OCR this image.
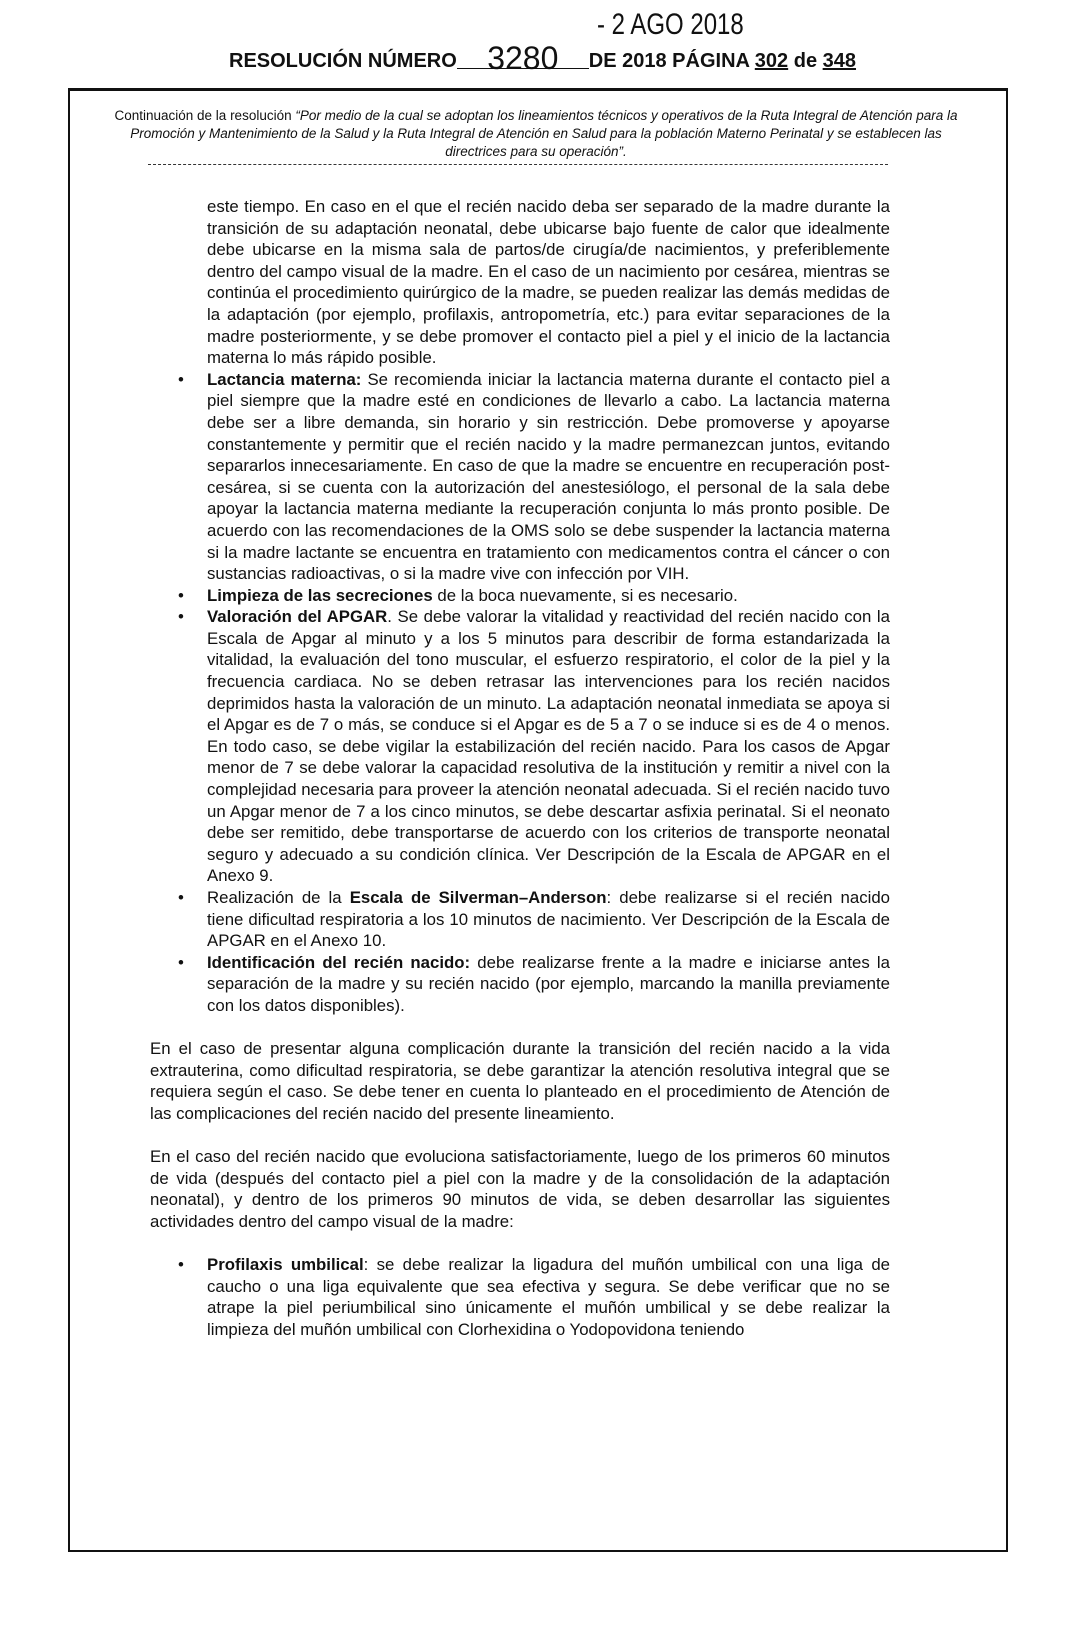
- 2 AGO 2018
RESOLUCIÓN NÚMERO 3280 DE 2018 PÁGINA 302 de 348
Continuación de la resolución “Por medio de la cual se adoptan los lineamientos técnicos y operativos de la Ruta Integral de Atención para la Promoción y Mantenimiento de la Salud y la Ruta Integral de Atención en Salud para la población Materno Perinatal y se establecen las directrices para su operación”.

este tiempo. En caso en el que el recién nacido deba ser separado de la madre durante la transición de su adaptación neonatal, debe ubicarse bajo fuente de calor que idealmente debe ubicarse en la misma sala de partos/de cirugía/de nacimientos, y preferiblemente dentro del campo visual de la madre. En el caso de un nacimiento por cesárea, mientras se continúa el procedimiento quirúrgico de la madre, se pueden realizar las demás medidas de la adaptación (por ejemplo, profilaxis, antropometría, etc.) para evitar separaciones de la madre posteriormente, y se debe promover el contacto piel a piel y el inicio de la lactancia materna lo más rápido posible.

• Lactancia materna: Se recomienda iniciar la lactancia materna durante el contacto piel a piel siempre que la madre esté en condiciones de llevarlo a cabo. La lactancia materna debe ser a libre demanda, sin horario y sin restricción. Debe promoverse y apoyarse constantemente y permitir que el recién nacido y la madre permanezcan juntos, evitando separarlos innecesariamente. En caso de que la madre se encuentre en recuperación post-cesárea, si se cuenta con la autorización del anestesiólogo, el personal de la sala debe apoyar la lactancia materna mediante la recuperación conjunta lo más pronto posible. De acuerdo con las recomendaciones de la OMS solo se debe suspender la lactancia materna si la madre lactante se encuentra en tratamiento con medicamentos contra el cáncer o con sustancias radioactivas, o si la madre vive con infección por VIH.
• Limpieza de las secreciones de la boca nuevamente, si es necesario.
• Valoración del APGAR. Se debe valorar la vitalidad y reactividad del recién nacido con la Escala de Apgar al minuto y a los 5 minutos para describir de forma estandarizada la vitalidad, la evaluación del tono muscular, el esfuerzo respiratorio, el color de la piel y la frecuencia cardiaca. No se deben retrasar las intervenciones para los recién nacidos deprimidos hasta la valoración de un minuto. La adaptación neonatal inmediata se apoya si el Apgar es de 7 o más, se conduce si el Apgar es de 5 a 7 o se induce si es de 4 o menos. En todo caso, se debe vigilar la estabilización del recién nacido. Para los casos de Apgar menor de 7 se debe valorar la capacidad resolutiva de la institución y remitir a nivel con la complejidad necesaria para proveer la atención neonatal adecuada. Si el recién nacido tuvo un Apgar menor de 7 a los cinco minutos, se debe descartar asfixia perinatal. Si el neonato debe ser remitido, debe transportarse de acuerdo con los criterios de transporte neonatal seguro y adecuado a su condición clínica. Ver Descripción de la Escala de APGAR en el Anexo 9.
• Realización de la Escala de Silverman–Anderson: debe realizarse si el recién nacido tiene dificultad respiratoria a los 10 minutos de nacimiento. Ver Descripción de la Escala de APGAR en el Anexo 10.
• Identificación del recién nacido: debe realizarse frente a la madre e iniciarse antes la separación de la madre y su recién nacido (por ejemplo, marcando la manilla previamente con los datos disponibles).

En el caso de presentar alguna complicación durante la transición del recién nacido a la vida extrauterina, como dificultad respiratoria, se debe garantizar la atención resolutiva integral que se requiera según el caso. Se debe tener en cuenta lo planteado en el procedimiento de Atención de las complicaciones del recién nacido del presente lineamiento.

En el caso del recién nacido que evoluciona satisfactoriamente, luego de los primeros 60 minutos de vida (después del contacto piel a piel con la madre y de la consolidación de la adaptación neonatal), y dentro de los primeros 90 minutos de vida, se deben desarrollar las siguientes actividades dentro del campo visual de la madre:

• Profilaxis umbilical: se debe realizar la ligadura del muñón umbilical con una liga de caucho o una liga equivalente que sea efectiva y segura. Se debe verificar que no se atrape la piel periumbilical sino únicamente el muñón umbilical y se debe realizar la limpieza del muñón umbilical con Clorhexidina o Yodopovidona teniendo
